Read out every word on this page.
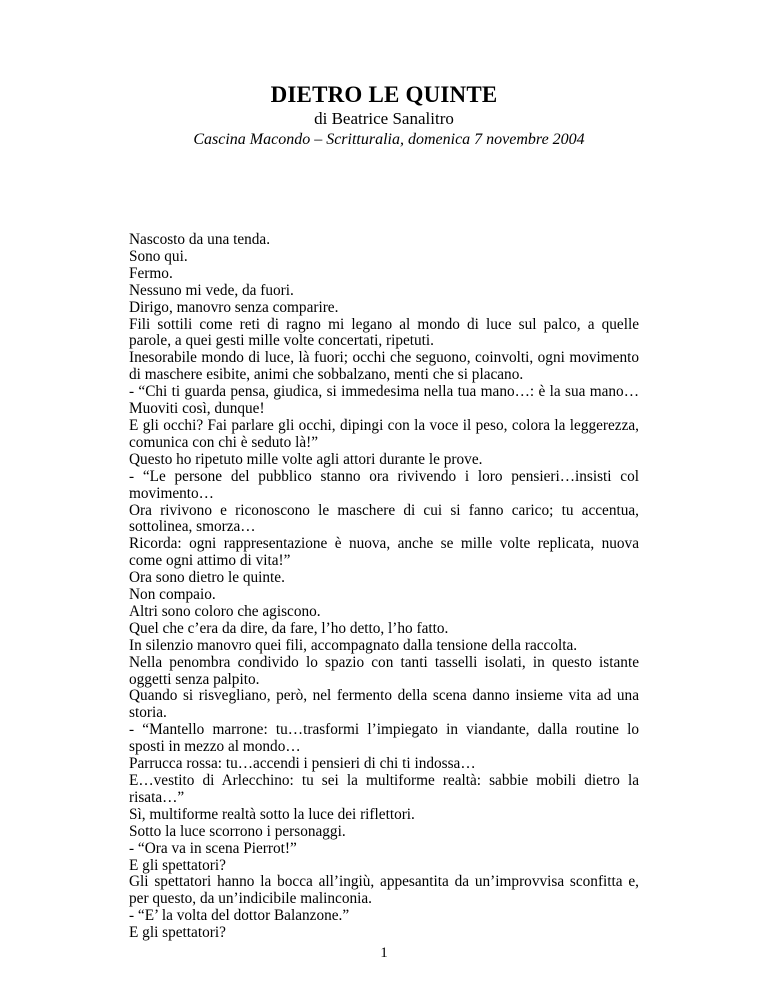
DIETRO LE QUINTE
di Beatrice Sanalitro
Cascina Macondo – Scritturalia, domenica 7 novembre 2004
Nascosto da una tenda.
Sono qui.
Fermo.
Nessuno mi vede, da fuori.
Dirigo, manovro senza comparire.
Fili sottili come reti di ragno mi legano al mondo di luce sul palco, a quelle
parole, a quei gesti mille volte concertati, ripetuti.
Inesorabile mondo di luce, là fuori; occhi che seguono, coinvolti, ogni movimento
di maschere esibite, animi che sobbalzano, menti che si placano.
- “Chi ti guarda pensa, giudica, si immedesima nella tua mano…: è la sua mano…
Muoviti così, dunque!
E gli occhi? Fai parlare gli occhi, dipingi con la voce il peso, colora la leggerezza,
comunica con chi è seduto là!”
Questo ho ripetuto mille volte agli attori durante le prove.
- “Le persone del pubblico stanno ora rivivendo i loro pensieri…insisti col
movimento…
Ora rivivono e riconoscono le maschere di cui si fanno carico; tu accentua,
sottolinea, smorza…
Ricorda: ogni rappresentazione è nuova, anche se mille volte replicata, nuova
come ogni attimo di vita!”
Ora sono dietro le quinte.
Non compaio.
Altri sono coloro che agiscono.
Quel che c’era da dire, da fare, l’ho detto, l’ho fatto.
In silenzio manovro quei fili, accompagnato dalla tensione della raccolta.
Nella penombra condivido lo spazio con tanti tasselli isolati, in questo istante
oggetti senza palpito.
Quando si risvegliano, però, nel fermento della scena danno insieme vita ad una
storia.
- “Mantello marrone: tu…trasformi l’impiegato in viandante, dalla routine lo
sposti in mezzo al mondo…
Parrucca rossa: tu…accendi i pensieri di chi ti indossa…
E…vestito di Arlecchino: tu sei la multiforme realtà: sabbie mobili dietro la
risata…”
Sì, multiforme realtà sotto la luce dei riflettori.
Sotto la luce scorrono i personaggi.
- “Ora va in scena Pierrot!”
E gli spettatori?
Gli spettatori hanno la bocca all’ingiù, appesantita da un’improvvisa sconfitta e,
per questo, da un’indicibile malinconia.
- “E’ la volta del dottor Balanzone.”
E gli spettatori?
1
